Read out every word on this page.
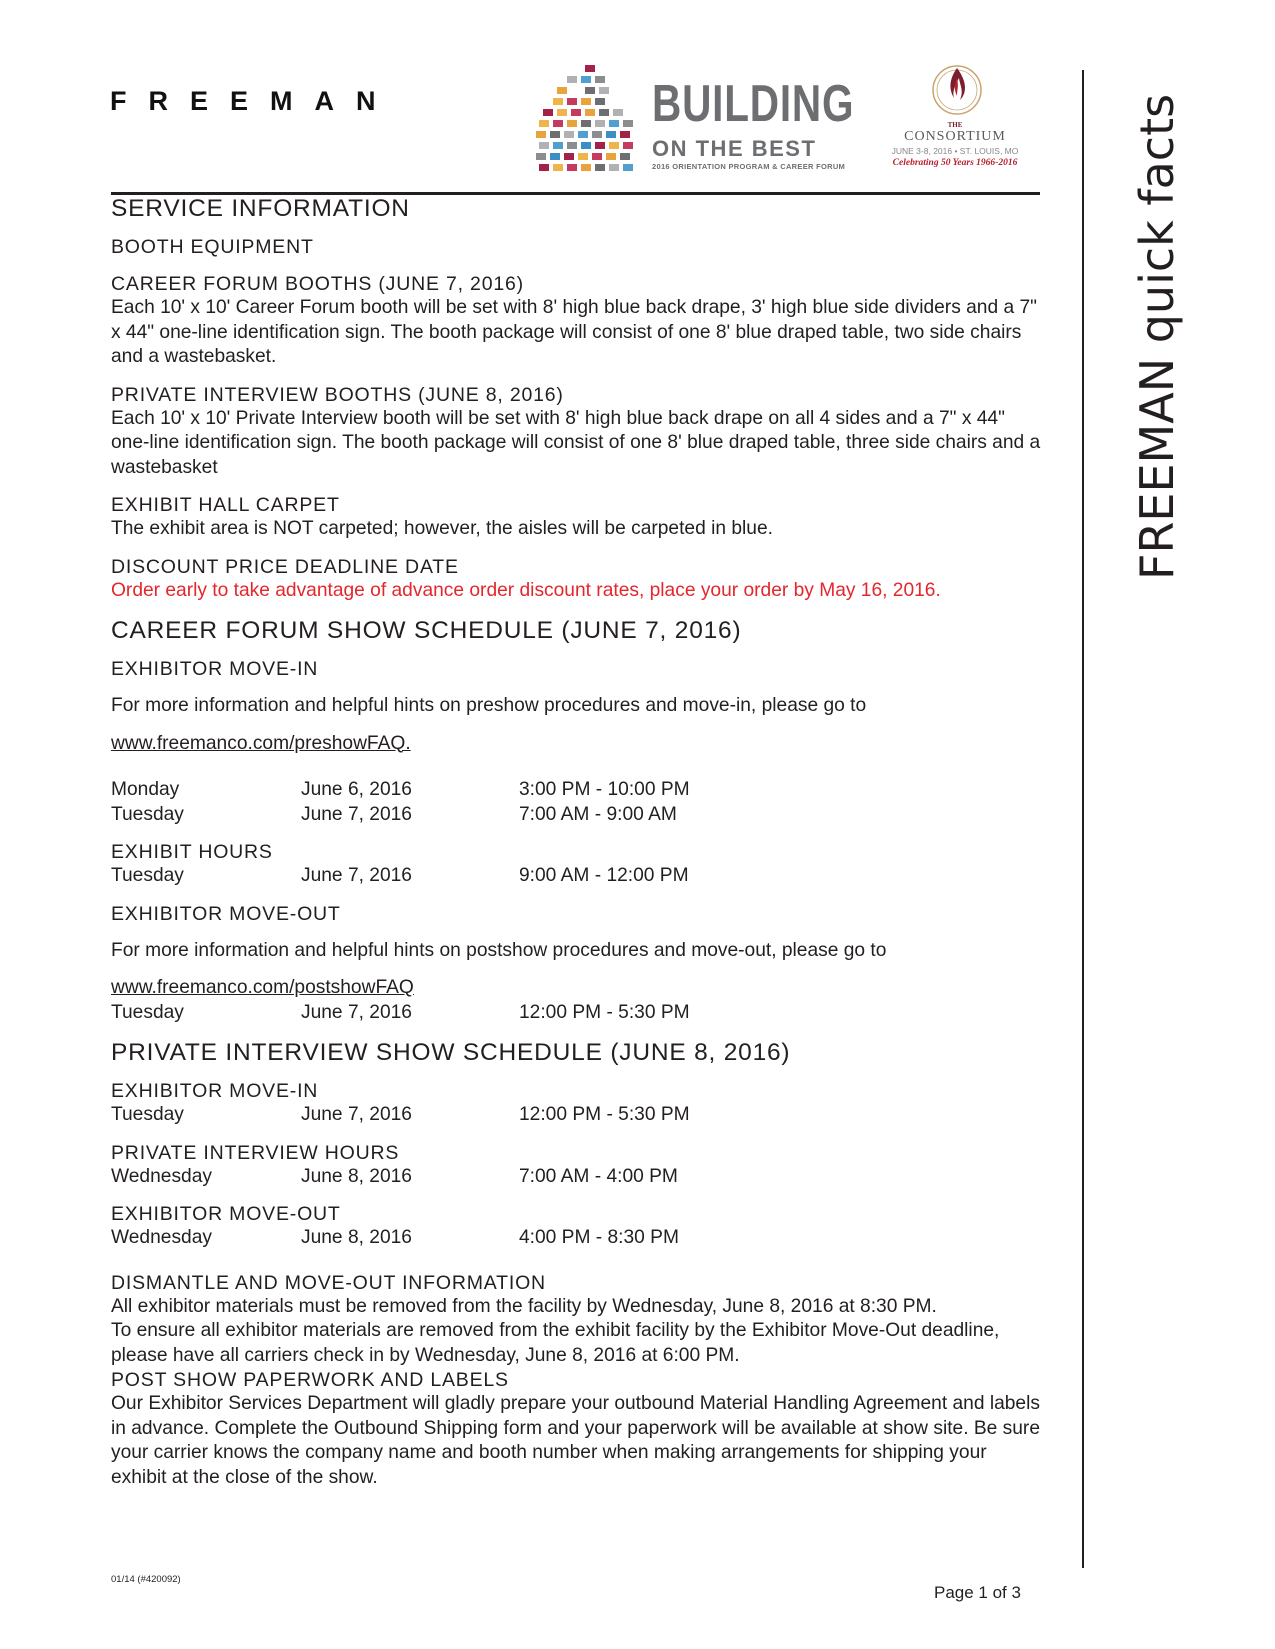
FREEMAN	BUILDING
ON THE BEST
2016 ORIENTATION PROGRAM & CAREER FORUM
THE
CONSORTIUM
JUNE 3-8, 2016 • ST. LOUIS, MO
Celebrating 50 Years 1966-2016 FREEMAN quick facts
SERVICE INFORMATION
BOOTH EQUIPMENT
CAREER FORUM BOOTHS (JUNE 7, 2016)

Each 10' x 10' Career Forum booth will be set with 8' high blue back drape, 3' high blue side dividers and a 7" x 44" one-line identification sign. The booth package will consist of one 8' blue draped table, two side chairs and a wastebasket.

PRIVATE INTERVIEW BOOTHS (JUNE 8, 2016)

Each 10' x 10' Private Interview booth will be set with 8' high blue back drape on all 4 sides and a 7" x 44" one-line identification sign. The booth package will consist of one 8' blue draped table, three side chairs and a wastebasket

EXHIBIT HALL CARPET

The exhibit area is NOT carpeted; however, the aisles will be carpeted in blue.

DISCOUNT PRICE DEADLINE DATE

Order early to take advantage of advance order discount rates, place your order by May 16, 2016.

CAREER FORUM SHOW SCHEDULE (JUNE 7, 2016)
EXHIBITOR MOVE-IN

For more information and helpful hints on preshow procedures and move-in, please go to

www.freemanco.com/preshowFAQ.

Monday	June 6, 2016	3:00 PM - 10:00 PM
Tuesday	June 7, 2016	7:00 AM - 9:00 AM
EXHIBIT HOURS
Tuesday	June 7, 2016	9:00 AM - 12:00 PM
EXHIBITOR MOVE-OUT

For more information and helpful hints on postshow procedures and move-out, please go to

www.freemanco.com/postshowFAQ

Tuesday	June 7, 2016	12:00 PM - 5:30 PM
PRIVATE INTERVIEW SHOW SCHEDULE (JUNE 8, 2016)
EXHIBITOR MOVE-IN
Tuesday	June 7, 2016	12:00 PM - 5:30 PM
PRIVATE INTERVIEW HOURS
Wednesday	June 8, 2016	7:00 AM - 4:00 PM
EXHIBITOR MOVE-OUT
Wednesday	June 8, 2016	4:00 PM - 8:30 PM
DISMANTLE AND MOVE-OUT INFORMATION

All exhibitor materials must be removed from the facility by Wednesday, June 8, 2016 at 8:30 PM.

To ensure all exhibitor materials are removed from the exhibit facility by the Exhibitor Move-Out deadline, please have all carriers check in by Wednesday, June 8, 2016 at 6:00 PM.

POST SHOW PAPERWORK AND LABELS

Our Exhibitor Services Department will gladly prepare your outbound Material Handling Agreement and labels in advance. Complete the Outbound Shipping form and your paperwork will be available at show site. Be sure your carrier knows the company name and booth number when making arrangements for shipping your exhibit at the close of the show.

01/14 (#420092)
Page 1 of 3
